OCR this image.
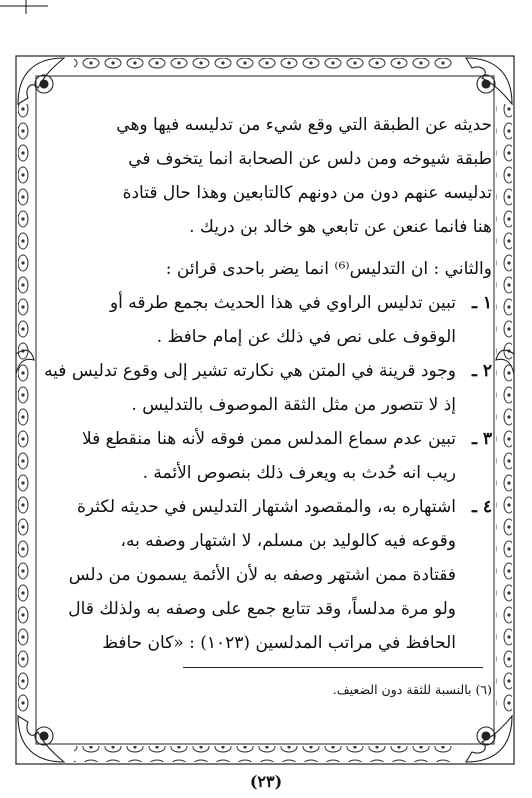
حديثه عن الطبقة التي وقع شيء من تدليسه فيها وهي
طبقة شيوخه ومن دلس عن الصحابة انما يتخوف في
تدليسه عنهم دون من دونهم كالتابعين وهذا حال قتادة
هنا فانما عنعن عن تابعي هو خالد بن دريك .
والثاني : ان التدليس⁽⁶⁾ انما يضر باحدى قرائن :
١ ـ
تبين تدليس الراوي في هذا الحديث بجمع طرقه أو
الوقوف على نص في ذلك عن إمام حافظ .
٢ ـ
وجود قرينة في المتن هي نكارته تشير إلى وقوع تدليس فيه
إذ لا تتصور من مثل الثقة الموصوف بالتدليس .
٣ ـ
تبين عدم سماع المدلس ممن فوقه لأنه هنا منقطع فلا
ريب انه حُدث به ويعرف ذلك بنصوص الأئمة .
٤ ـ
اشتهاره به، والمقصود اشتهار التدليس في حديثه لكثرة
وقوعه فيه كالوليد بن مسلم، لا اشتهار وصفه به،
فقتادة ممن اشتهر وصفه به لأن الأئمة يسمون من دلس
ولو مرة مدلساً، وقد تتابع جمع على وصفه به ولذلك قال
الحافظ في مراتب المدلسين (١٠٢٣) : «كان حافظ
(٦) بالنسبة للثقة دون الضعيف.
(٢٣)
